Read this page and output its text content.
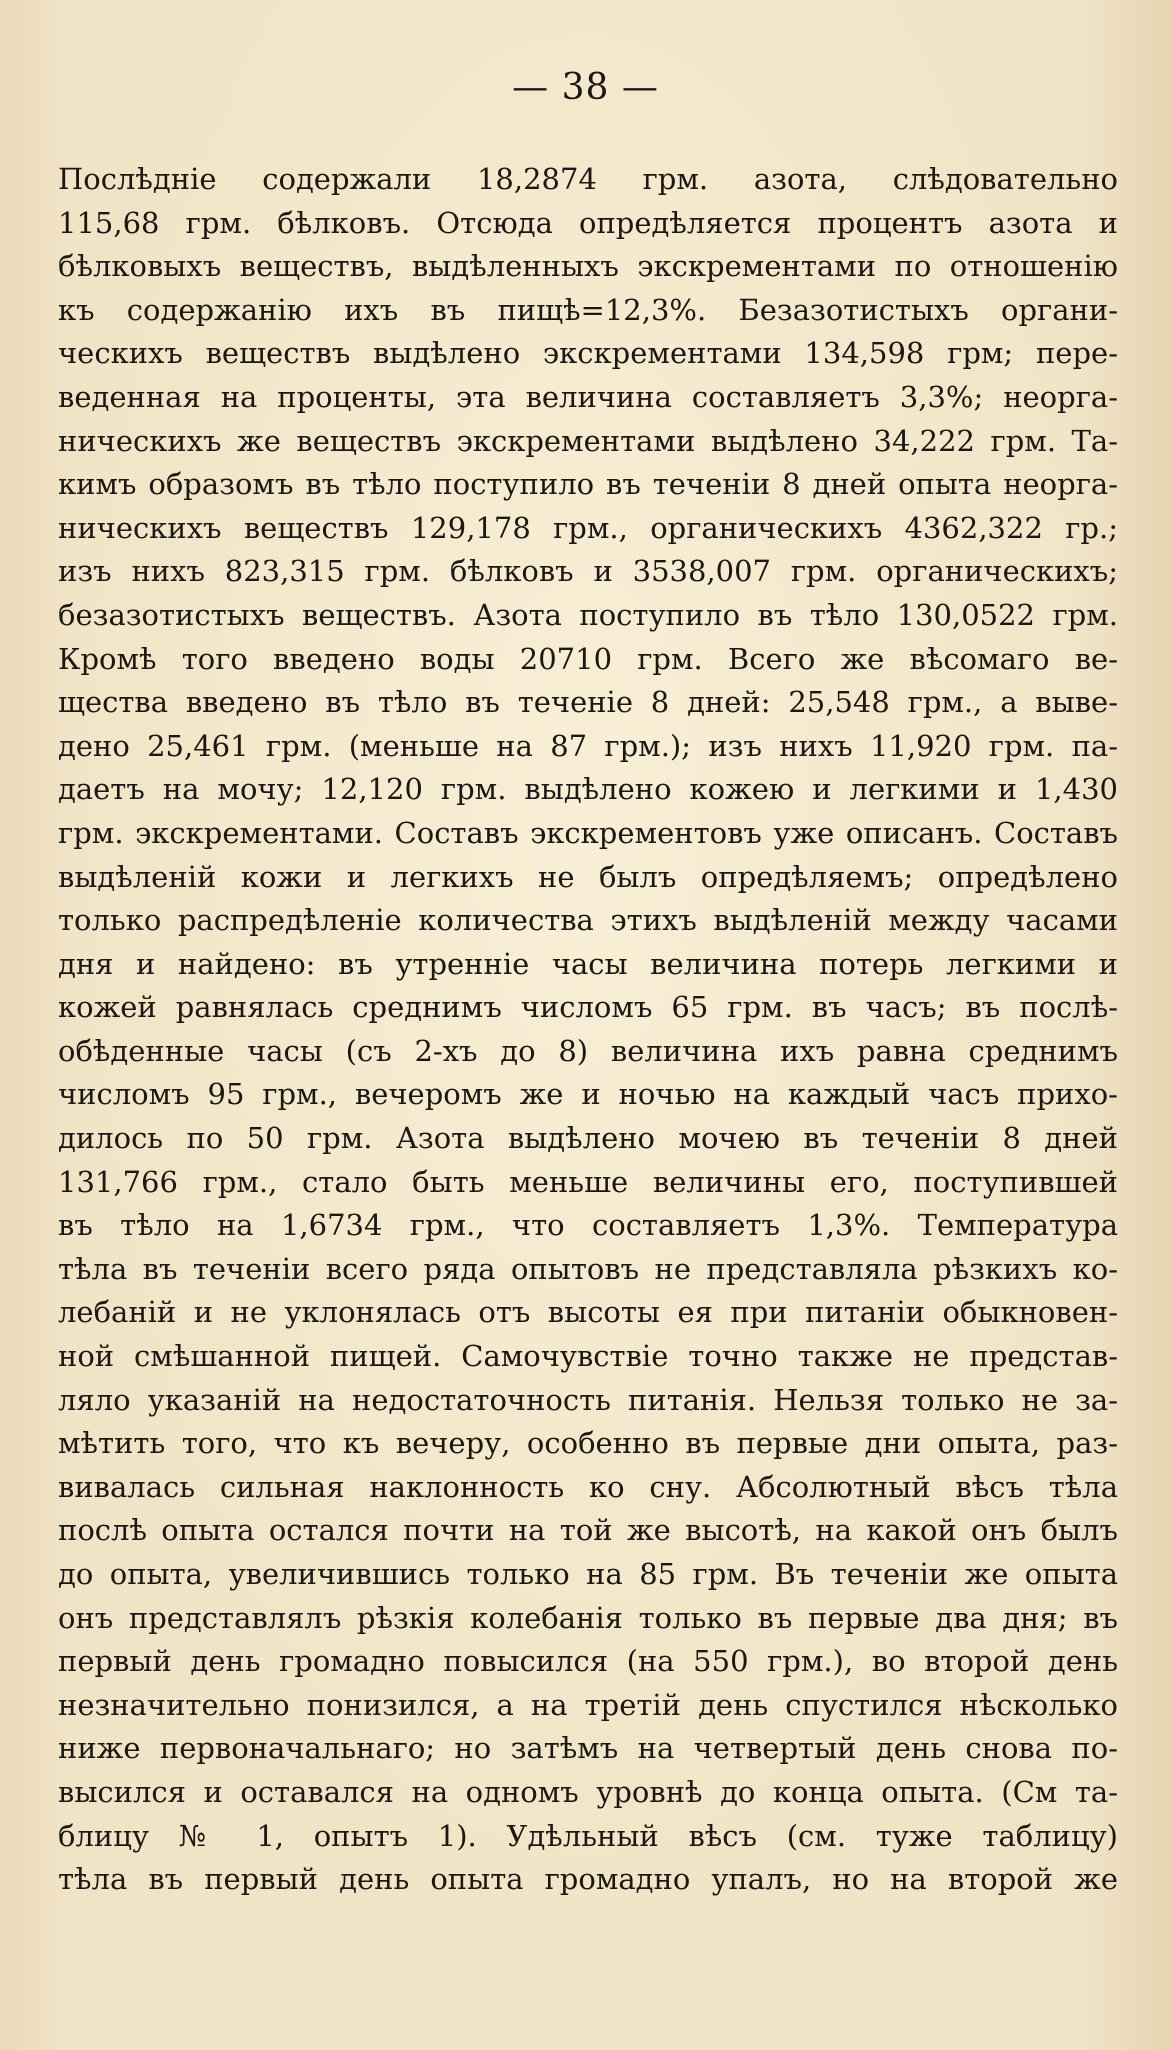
— 38 —
Послѣдніе содержали 18,2874 грм. азота, слѣдовательно
115,68 грм. бѣлковъ. Отсюда опредѣляется процентъ азота и
бѣлковыхъ веществъ, выдѣленныхъ экскрементами по отношенію
къ содержанію ихъ въ пищѣ=12,3%. Безазотистыхъ органи-
ческихъ веществъ выдѣлено экскрементами 134,598 грм; пере-
веденная на проценты, эта величина составляетъ 3,3%; неорга-
ническихъ же веществъ экскрементами выдѣлено 34,222 грм. Та-
кимъ образомъ въ тѣло поступило въ теченіи 8 дней опыта неорга-
ническихъ веществъ 129,178 грм., органическихъ 4362,322 гр.;
изъ нихъ 823,315 грм. бѣлковъ и 3538,007 грм. органическихъ;
безазотистыхъ веществъ. Азота поступило въ тѣло 130,0522 грм.
Кромѣ того введено воды 20710 грм. Всего же вѣсомаго ве-
щества введено въ тѣло въ теченіе 8 дней: 25,548 грм., а выве-
дено 25,461 грм. (меньше на 87 грм.); изъ нихъ 11,920 грм. па-
даетъ на мочу; 12,120 грм. выдѣлено кожею и легкими и 1,430
грм. экскрементами. Составъ экскрементовъ уже описанъ. Составъ
выдѣленій кожи и легкихъ не былъ опредѣляемъ; опредѣлено
только распредѣленіе количества этихъ выдѣленій между часами
дня и найдено: въ утренніе часы величина потерь легкими и
кожей равнялась среднимъ числомъ 65 грм. въ часъ; въ послѣ-
обѣденные часы (съ 2-хъ до 8) величина ихъ равна среднимъ
числомъ 95 грм., вечеромъ же и ночью на каждый часъ прихо-
дилось по 50 грм. Азота выдѣлено мочею въ теченіи 8 дней
131,766 грм., стало быть меньше величины его, поступившей
въ тѣло на 1,6734 грм., что составляетъ 1,3%. Температура
тѣла въ теченіи всего ряда опытовъ не представляла рѣзкихъ ко-
лебаній и не уклонялась отъ высоты ея при питаніи обыкновен-
ной смѣшанной пищей. Самочувствіе точно также не представ-
ляло указаній на недостаточность питанія. Нельзя только не за-
мѣтить того, что къ вечеру, особенно въ первые дни опыта, раз-
вивалась сильная наклонность ко сну. Абсолютный вѣсъ тѣла
послѣ опыта остался почти на той же высотѣ, на какой онъ былъ
до опыта, увеличившись только на 85 грм. Въ теченіи же опыта
онъ представлялъ рѣзкія колебанія только въ первые два дня; въ
первый день громадно повысился (на 550 грм.), во второй день
незначительно понизился, а на третій день спустился нѣсколько
ниже первоначальнаго; но затѣмъ на четвертый день снова по-
высился и оставался на одномъ уровнѣ до конца опыта. (См та-
блицу № 1, опытъ 1). Удѣльный вѣсъ (см. туже таблицу)
тѣла въ первый день опыта громадно упалъ, но на второй же
